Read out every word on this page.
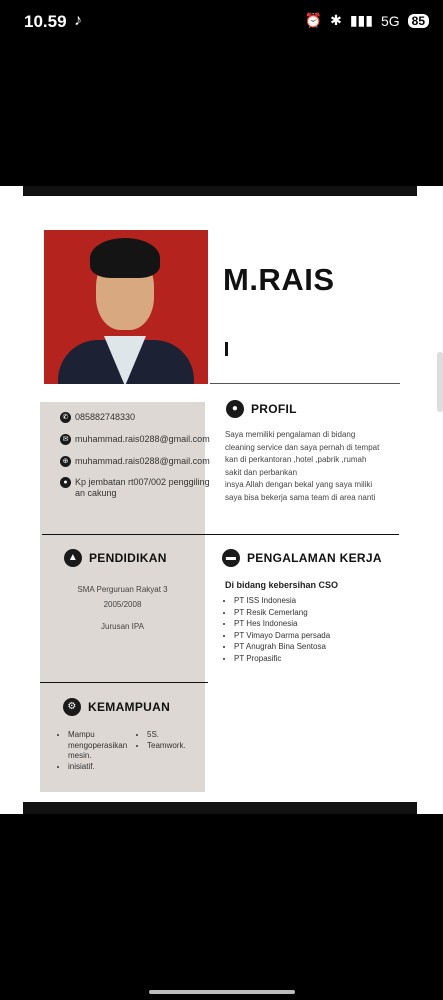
10.59 ♪	⏰ ✱ ▮▮▮ 5G	85
M.RAIS
✆ 085882748330
✉ muhammad.rais0288@gmail.com
⊕ muhammad.rais0288@gmail.com
● Kp jembatan rt007/002 penggilingan cakung
●	PROFIL
Saya memiliki pengalaman di bidang
cleaning service dan saya pernah di tempat
kan di perkantoran ,hotel ,pabrik ,rumah
sakit dan perbankan
insya Allah dengan bekal yang saya miliki
saya bisa bekerja sama team di area nanti
▲ PENDIDIKAN
SMA Perguruan Rakyat 3
2005/2008
Jurusan IPA
▬ PENGALAMAN KERJA
Di bidang kebersihan CSO
• PT ISS Indonesia
• PT Resik Cemerlang
• PT Hes Indonesia
• PT Vimayo Darma persada
• PT Anugrah Bina Sentosa
• PT Propasific
⚙ KEMAMPUAN
• Mampu mengoperasikan mesin.
• inisiatif.
• 5S.
• Teamwork.
